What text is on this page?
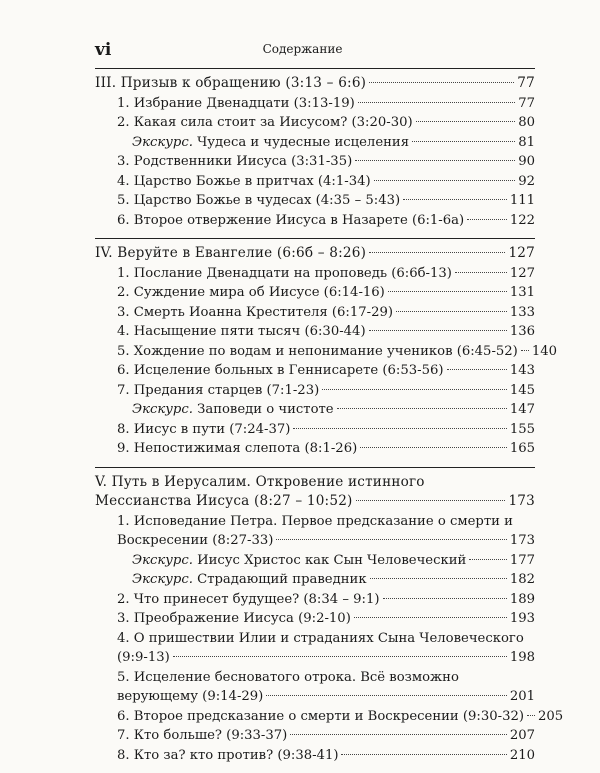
vi	Содержание
III. Призыв к обращению (3:13 – 6:6)	77
1. Избрание Двенадцати (3:13-19)	77
2. Какая сила стоит за Иисусом? (3:20-30)	80
Экскурс. Чудеса и чудесные исцеления	81
3. Родственники Иисуса (3:31-35)	90
4. Царство Божье в притчах (4:1-34)	92
5. Царство Божье в чудесах (4:35 – 5:43)	111
6. Второе отвержение Иисуса в Назарете (6:1-6а)	122
IV. Веруйте в Евангелие (6:6б – 8:26)	127
1. Послание Двенадцати на проповедь (6:6б-13)	127
2. Суждение мира об Иисусе (6:14-16)	131
3. Смерть Иоанна Крестителя (6:17-29)	133
4. Насыщение пяти тысяч (6:30-44)	136
5. Хождение по водам и непонимание учеников (6:45-52) 140
6. Исцеление больных в Геннисарете (6:53-56)	143
7. Предания старцев (7:1-23)	145
Экскурс. Заповеди о чистоте	147
8. Иисус в пути (7:24-37)	155
9. Непостижимая слепота (8:1-26)	165
V. Путь в Иерусалим. Откровение истинного
Мессианства Иисуса (8:27 – 10:52)	173
1. Исповедание Петра. Первое предсказание о смерти и
Воскресении (8:27-33)	173
Экскурс. Иисус Христос как Сын Человеческий	177
Экскурс. Страдающий праведник	182
2. Что принесет будущее? (8:34 – 9:1)	189
3. Преображение Иисуса (9:2-10)	193
4. О пришествии Илии и страданиях Сына Человеческого
(9:9-13)	198
5. Исцеление бесноватого отрока. Всё возможно
верующему (9:14-29)	201
6. Второе предсказание о смерти и Воскресении (9:30-32) 205
7. Кто больше? (9:33-37)	207
8. Кто за? кто против? (9:38-41)	210
